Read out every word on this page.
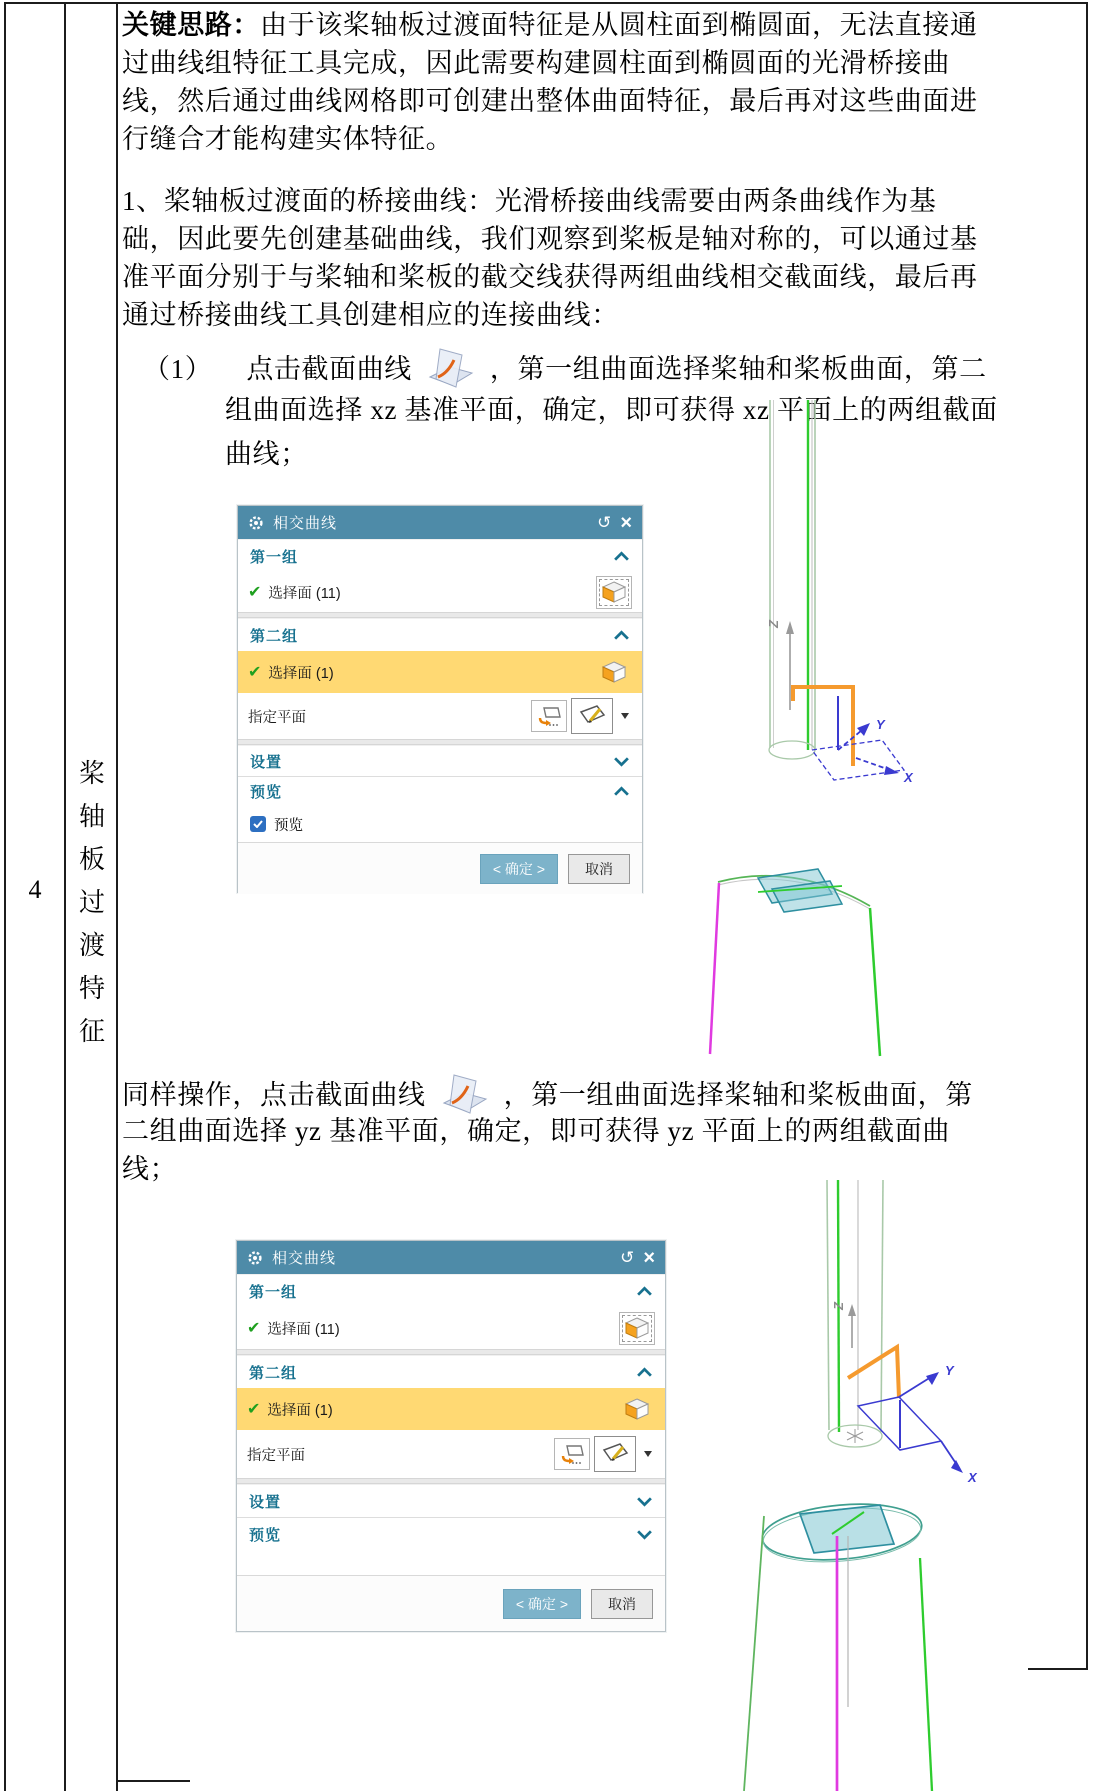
4
桨
轴
板
过
渡
特
征
关键思路：由于该桨轴板过渡面特征是从圆柱面到椭圆面，无法直接通
过曲线组特征工具完成，因此需要构建圆柱面到椭圆面的光滑桥接曲
线，然后通过曲线网格即可创建出整体曲面特征，最后再对这些曲面进
行缝合才能构建实体特征。
1、桨轴板过渡面的桥接曲线：光滑桥接曲线需要由两条曲线作为基
础，因此要先创建基础曲线，我们观察到桨板是轴对称的，可以通过基
准平面分别于与桨轴和桨板的截交线获得两组曲线相交截面线，最后再
通过桥接曲线工具创建相应的连接曲线：
（1） 点击截面曲线	，第一组曲面选择桨轴和桨板曲面，第二
组曲面选择 xz 基准平面，确定，即可获得 xz 平面上的两组截面
曲线；
相交曲线	↺ ×
第一组
✔ 选择面 (11)
第二组
✔ 选择面 (1)
指定平面
设置
预览
预览
< 确定 >	取消
Z
Y
X
同样操作，点击截面曲线	，第一组曲面选择桨轴和桨板曲面，第
二组曲面选择 yz 基准平面，确定，即可获得 yz 平面上的两组截面曲
线；
相交曲线	↺ ×
第一组
✔ 选择面 (11)
第二组
✔ 选择面 (1)
指定平面
设置
预览
< 确定 >	取消
Z
Y
X
